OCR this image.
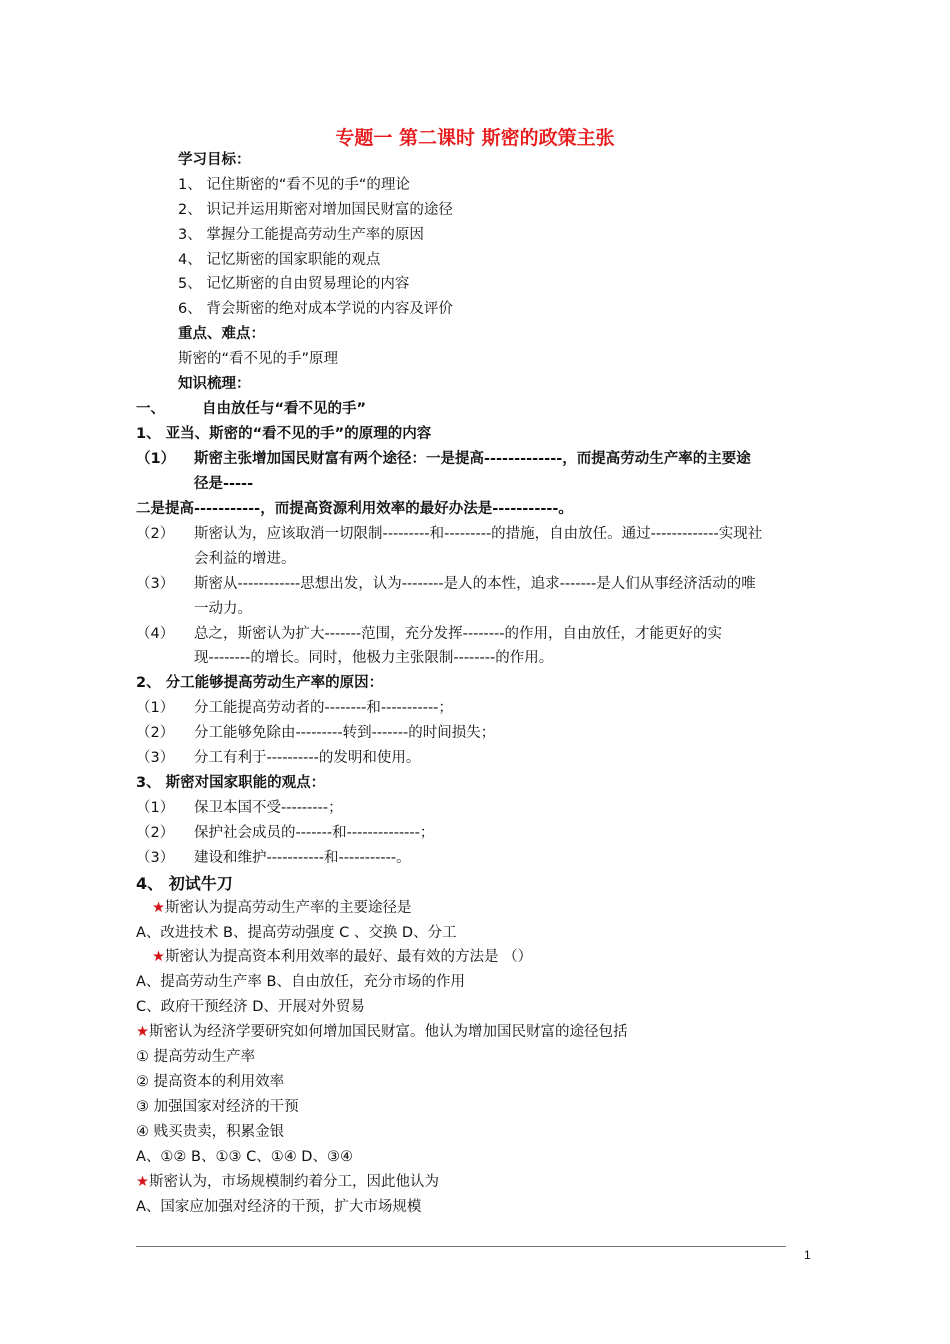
专题一 第二课时 斯密的政策主张
学习目标：
1、 记住斯密的“看不见的手“的理论
2、 识记并运用斯密对增加国民财富的途径
3、 掌握分工能提高劳动生产率的原因
4、 记忆斯密的国家职能的观点
5、 记忆斯密的自由贸易理论的内容
6、 背会斯密的绝对成本学说的内容及评价
重点、难点：
斯密的“看不见的手”原理
知识梳理：
一、	自由放任与“看不见的手”
1、 亚当、斯密的“看不见的手”的原理的内容
（1） 斯密主张增加国民财富有两个途径：一是提高-------------，而提高劳动生产率的主要途
径是-----
二是提高-----------，而提高资源利用效率的最好办法是-----------。
（2） 斯密认为，应该取消一切限制---------和---------的措施，自由放任。通过-------------实现社
会利益的增进。
（3） 斯密从------------思想出发，认为--------是人的本性，追求-------是人们从事经济活动的唯
一动力。
（4） 总之，斯密认为扩大-------范围，充分发挥--------的作用，自由放任，才能更好的实
现--------的增长。同时，他极力主张限制--------的作用。
2、 分工能够提高劳动生产率的原因：
（1） 分工能提高劳动者的--------和-----------；
（2） 分工能够免除由---------转到-------的时间损失；
（3） 分工有利于----------的发明和使用。
3、 斯密对国家职能的观点：
（1） 保卫本国不受---------；
（2） 保护社会成员的-------和--------------；
（3） 建设和维护-----------和-----------。
4、 初试牛刀
★斯密认为提高劳动生产率的主要途径是
A、改进技术 B、提高劳动强度 C 、交换 D、分工
★斯密认为提高资本利用效率的最好、最有效的方法是 （）
A、提高劳动生产率 B、自由放任，充分市场的作用
C、政府干预经济 D、开展对外贸易
★斯密认为经济学要研究如何增加国民财富。他认为增加国民财富的途径包括
① 提高劳动生产率
② 提高资本的利用效率
③ 加强国家对经济的干预
④ 贱买贵卖，积累金银
A、①② B、①③ C、①④ D、③④
★斯密认为，市场规模制约着分工，因此他认为
A、国家应加强对经济的干预，扩大市场规模
1
